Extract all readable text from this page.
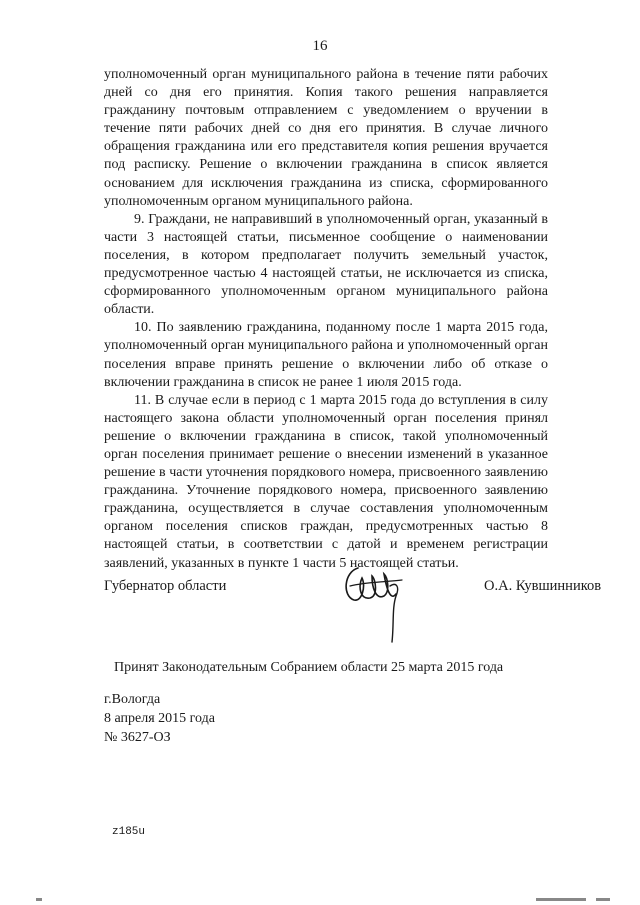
16

уполномоченный орган муниципального района в течение пяти рабочих дней со дня его принятия. Копия такого решения направляется гражданину почтовым отправлением с уведомлением о вручении в течение пяти рабочих дней со дня его принятия. В случае личного обращения гражданина или его представителя копия решения вручается под расписку. Решение о включении гражданина в список является основанием для исключения гражданина из списка, сформированного уполномоченным органом муниципального района.

9. Граждани, не направивший в уполномоченный орган, указанный в части 3 настоящей статьи, письменное сообщение о наименовании поселения, в котором предполагает получить земельный участок, предусмотренное частью 4 настоящей статьи, не исключается из списка, сформированного уполномоченным органом муниципального района области.

10. По заявлению гражданина, поданному после 1 марта 2015 года, уполномоченный орган муниципального района и уполномоченный орган поселения вправе принять решение о включении либо об отказе о включении гражданина в список не ранее 1 июля 2015 года.

11. В случае если в период с 1 марта 2015 года до вступления в силу настоящего закона области уполномоченный орган поселения принял решение о включении гражданина в список, такой уполномоченный орган поселения принимает решение о внесении изменений в указанное решение в части уточнения порядкового номера, присвоенного заявлению гражданина. Уточнение порядкового номера, присвоенного заявлению гражданина, осуществляется в случае составления уполномоченным органом поселения списков граждан, предусмотренных частью 8 настоящей статьи, в соответствии с датой и временем регистрации заявлений, указанных в пункте 1 части 5 настоящей статьи.

Губернатор области	О.А. Кувшинников
Принят Законодательным Собранием области 25 марта 2015 года
г.Вологда
8 апреля 2015 года
№ 3627-ОЗ
z185u
